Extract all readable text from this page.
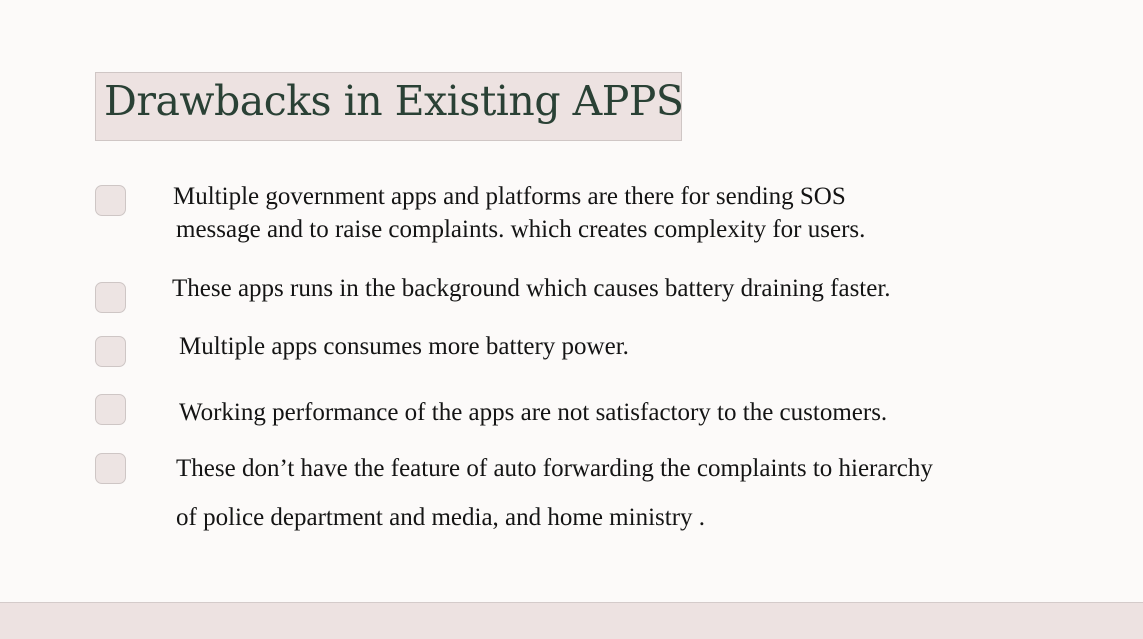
Drawbacks in Existing APPS
Multiple government apps and platforms are there for sending SOS
message and to raise complaints. which creates complexity for users.
These apps runs in the background which causes battery draining faster.
Multiple apps consumes more battery power.
Working performance of the apps are not satisfactory to the customers.
These don’t have the feature of auto forwarding the complaints to hierarchy
of police department and media, and home ministry .
